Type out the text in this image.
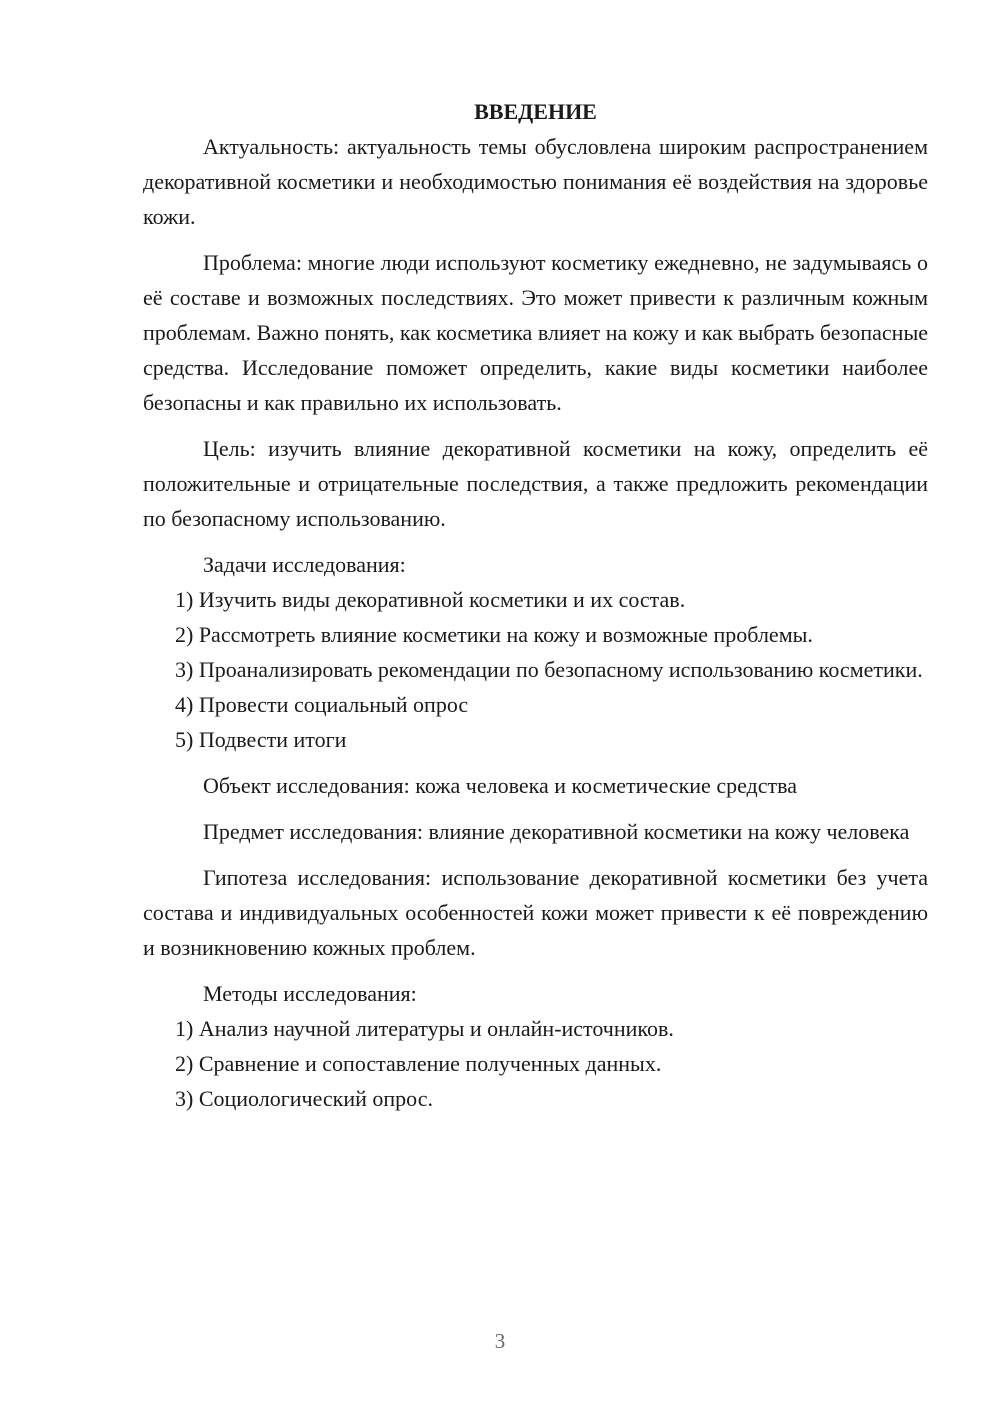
ВВЕДЕНИЕ

Актуальность: актуальность темы обусловлена широким распространением декоративной косметики и необходимостью понимания её воздействия на здоровье кожи.

Проблема: многие люди используют косметику ежедневно, не задумываясь о её составе и возможных последствиях. Это может привести к различным кожным проблемам. Важно понять, как косметика влияет на кожу и как выбрать безопасные средства. Исследование поможет определить, какие виды косметики наиболее безопасны и как правильно их использовать.

Цель: изучить влияние декоративной косметики на кожу, определить её положительные и отрицательные последствия, а также предложить рекомендации по безопасному использованию.

Задачи исследования:

1) Изучить виды декоративной косметики и их состав.

2) Рассмотреть влияние косметики на кожу и возможные проблемы.

3) Проанализировать рекомендации по безопасному использованию косметики.

4) Провести социальный опрос

5) Подвести итоги

Объект исследования: кожа человека и косметические средства

Предмет исследования: влияние декоративной косметики на кожу человека

Гипотеза исследования: использование декоративной косметики без учета состава и индивидуальных особенностей кожи может привести к её повреждению и возникновению кожных проблем.

Методы исследования:

1) Анализ научной литературы и онлайн-источников.

2) Сравнение и сопоставление полученных данных.

3) Социологический опрос.

3
